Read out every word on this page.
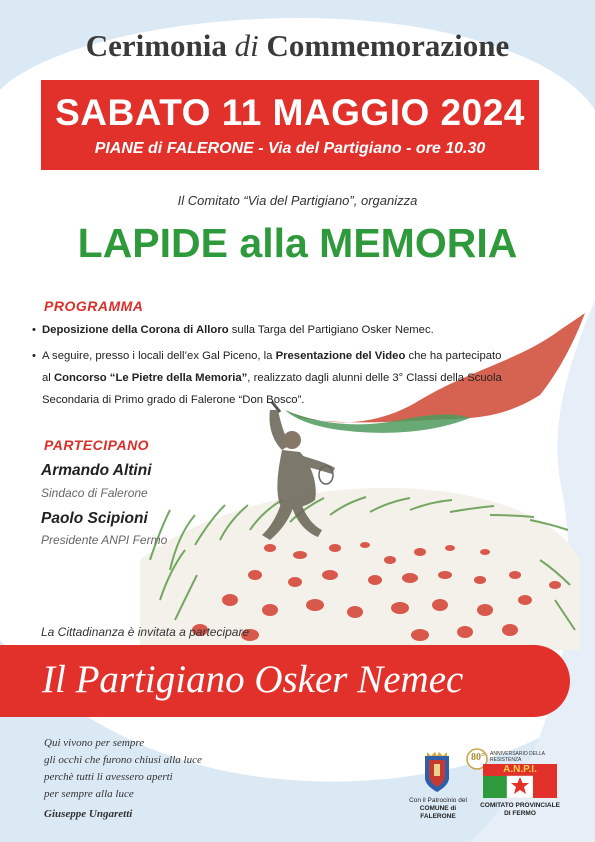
Cerimonia di Commemorazione
SABATO 11 MAGGIO 2024
PIANE di FALERONE - Via del Partigiano - ore 10.30
Il Comitato “Via del Partigiano”, organizza
LAPIDE alla MEMORIA
PROGRAMMA
• Deposizione della Corona di Alloro sulla Targa del Partigiano Osker Nemec.
• A seguire, presso i locali dell’ex Gal Piceno, la Presentazione del Video che ha partecipato al Concorso “Le Pietre della Memoria”, realizzato dagli alunni delle 3° Classi della Scuola Secondaria di Primo grado di Falerone “Don Bosco”.
PARTECIPANO
Armando Altini
Sindaco di Falerone
Paolo Scipioni
Presidente ANPI Fermo
La Cittadinanza è invitata a partecipare
Il Partigiano Osker Nemec
Qui vivono per sempre
gli occhi che furono chiusi alla luce
perchè tutti li avessero aperti
per sempre alla luce
Giuseppe Ungaretti
Con il Patrocinio del
COMUNE di FALERONE
80°	ANNIVERSARIO DELLA RESISTENZA
A.N.P.I.
COMITATO PROVINCIALE
DI FERMO
